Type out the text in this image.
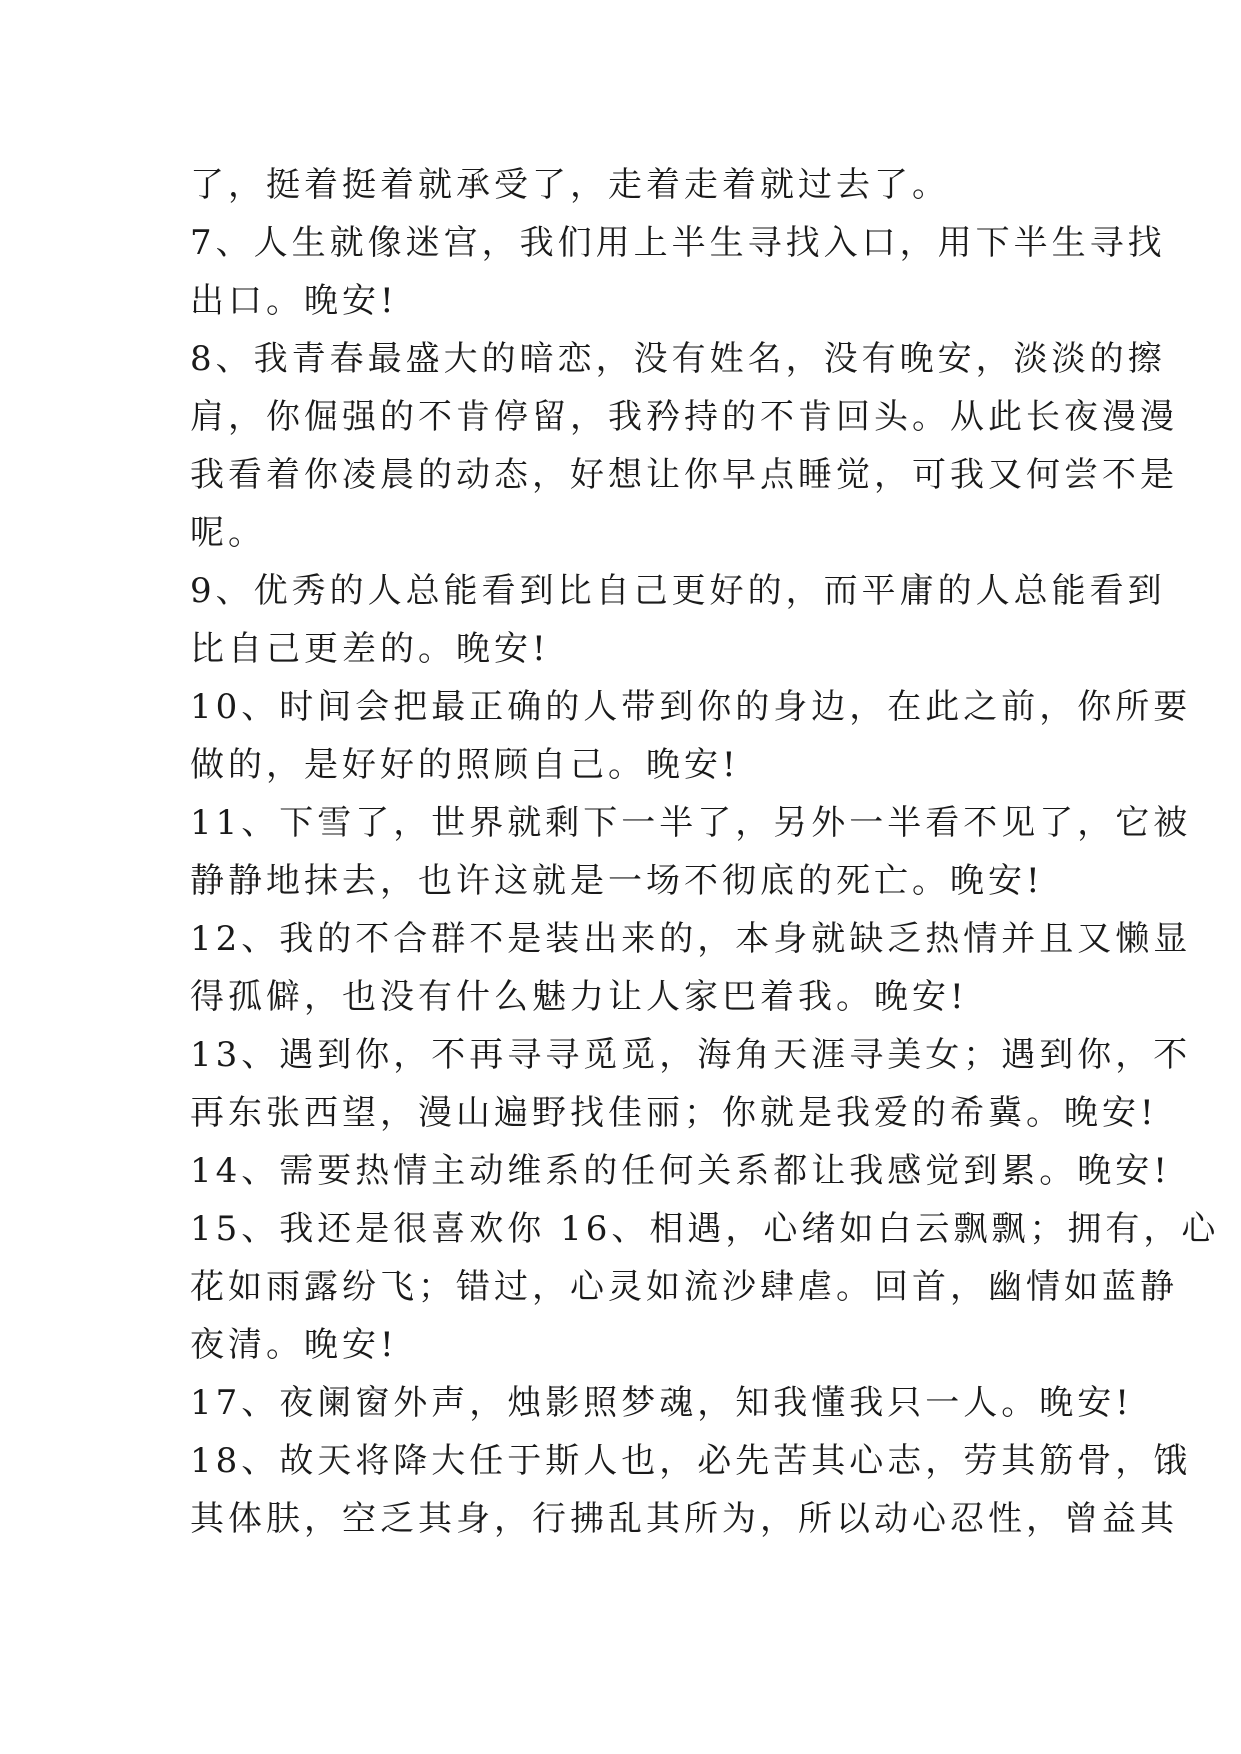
了，挺着挺着就承受了，走着走着就过去了。
7、人生就像迷宫，我们用上半生寻找入口，用下半生寻找
出口。晚安!
8、我青春最盛大的暗恋，没有姓名，没有晚安，淡淡的擦
肩，你倔强的不肯停留，我矜持的不肯回头。从此长夜漫漫
我看着你凌晨的动态，好想让你早点睡觉，可我又何尝不是
呢。
9、优秀的人总能看到比自己更好的，而平庸的人总能看到
比自己更差的。晚安!
10、时间会把最正确的人带到你的身边，在此之前，你所要
做的，是好好的照顾自己。晚安!
11、下雪了，世界就剩下一半了，另外一半看不见了，它被
静静地抹去，也许这就是一场不彻底的死亡。晚安!
12、我的不合群不是装出来的，本身就缺乏热情并且又懒显
得孤僻，也没有什么魅力让人家巴着我。晚安!
13、遇到你，不再寻寻觅觅，海角天涯寻美女；遇到你，不
再东张西望，漫山遍野找佳丽；你就是我爱的希冀。晚安!
14、需要热情主动维系的任何关系都让我感觉到累。晚安!
15、我还是很喜欢你 16、相遇，心绪如白云飘飘；拥有，心
花如雨露纷飞；错过，心灵如流沙肆虐。回首，幽情如蓝静
夜清。晚安!
17、夜阑窗外声，烛影照梦魂，知我懂我只一人。晚安!
18、故天将降大任于斯人也，必先苦其心志，劳其筋骨，饿
其体肤，空乏其身，行拂乱其所为，所以动心忍性，曾益其
